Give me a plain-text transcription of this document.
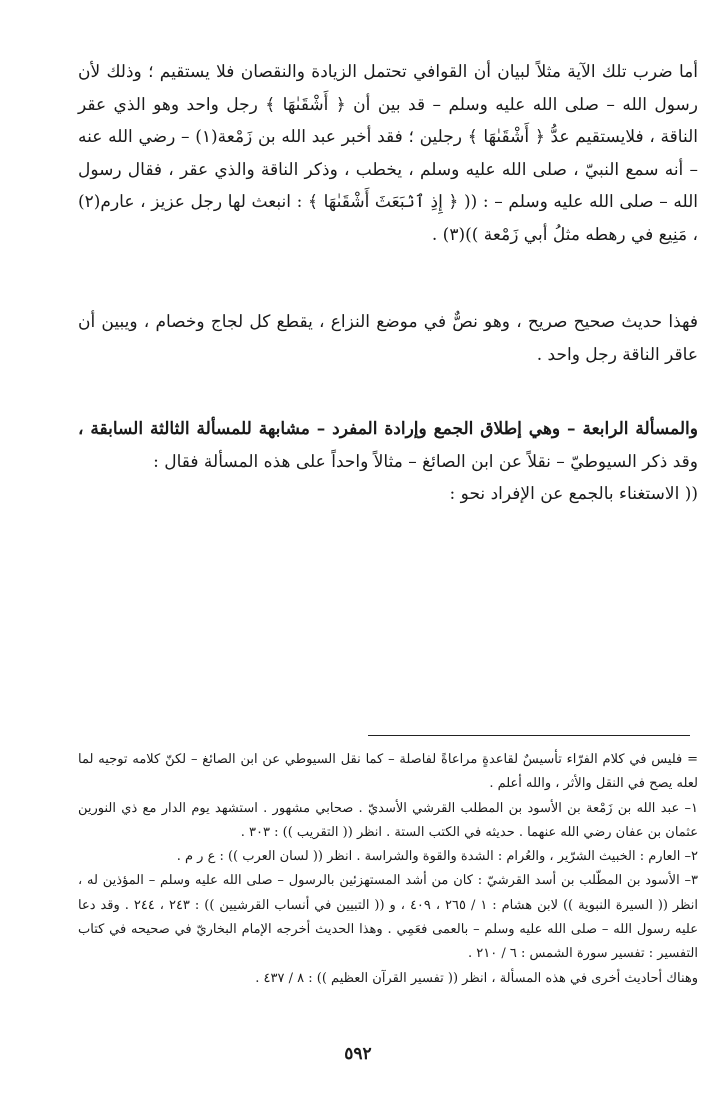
أما ضرب تلك الآية مثلاً لبيان أن القوافي تحتمل الزيادة والنقصان فلا يستقيم ؛ وذلك لأن رسول الله – صلى الله عليه وسلم – قد بين أن ﴿ أَشْقَىٰهَا ﴾ رجل واحد وهو الذي عقر الناقة ، فلايستقيم عدُّ ﴿ أَشْقَىٰهَا ﴾ رجلين ؛ فقد أخبر عبد الله بن زَمْعة(١) – رضي الله عنه – أنه سمع النبيّ ، صلى الله عليه وسلم ، يخطب ، وذكر الناقة والذي عقر ، فقال رسول الله – صلى الله عليه وسلم – : (( ﴿ إِذِ ٱنۢبَعَثَ أَشْقَىٰهَا ﴾ : انبعث لها رجل عزيز ، عارم(٢) ، مَنِيع في رهطه مثلُ أبي زَمْعة ))(٣) .

فهذا حديث صحيح صريح ، وهو نصٌّ في موضع النزاع ، يقطع كل لجاج وخصام ، ويبين أن عاقر الناقة رجل واحد .

والمسألة الرابعة – وهي إطلاق الجمع وإرادة المفرد – مشابهة للمسألة الثالثة السابقة ، وقد ذكر السيوطيّ – نقلاً عن ابن الصائغ – مثالاً واحداً على هذه المسألة فقال :

(( الاستغناء بالجمع عن الإفراد نحو :

= فليس في كلام الفرّاء تأسيسٌ لقاعدةٍ مراعاةً لفاصلة – كما نقل السيوطي عن ابن الصائغ – لكنّ كلامه توجيه لما لعله يصح في النقل والأثر ، والله أعلم .

١– عبد الله بن زَمْعة بن الأسود بن المطلب القرشي الأسديّ . صحابي مشهور . استشهد يوم الدار مع ذي النورين عثمان بن عفان رضي الله عنهما . حديثه في الكتب الستة . انظر (( التقريب )) : ٣٠٣ .

٢– العارم : الخبيث الشرّير ، والعُرام : الشدة والقوة والشراسة . انظر (( لسان العرب )) : ع ر م .

٣– الأسود بن المطّلب بن أسد القرشيّ : كان من أشد المستهزئين بالرسول – صلى الله عليه وسلم – المؤذين له ، انظر (( السيرة النبوية )) لابن هشام : ١ / ٢٦٥ ، ٤٠٩ ، و (( التبيين في أنساب القرشيين )) : ٢٤٣ ، ٢٤٤ . وقد دعا عليه رسول الله – صلى الله عليه وسلم – بالعمى فعَمِي . وهذا الحديث أخرجه الإمام البخاريّ في صحيحه في كتاب التفسير : تفسير سورة الشمس : ٦ / ٢١٠ .

وهناك أحاديث أخرى في هذه المسألة ، انظر (( تفسير القرآن العظيم )) : ٨ / ٤٣٧ .

٥٩٢
